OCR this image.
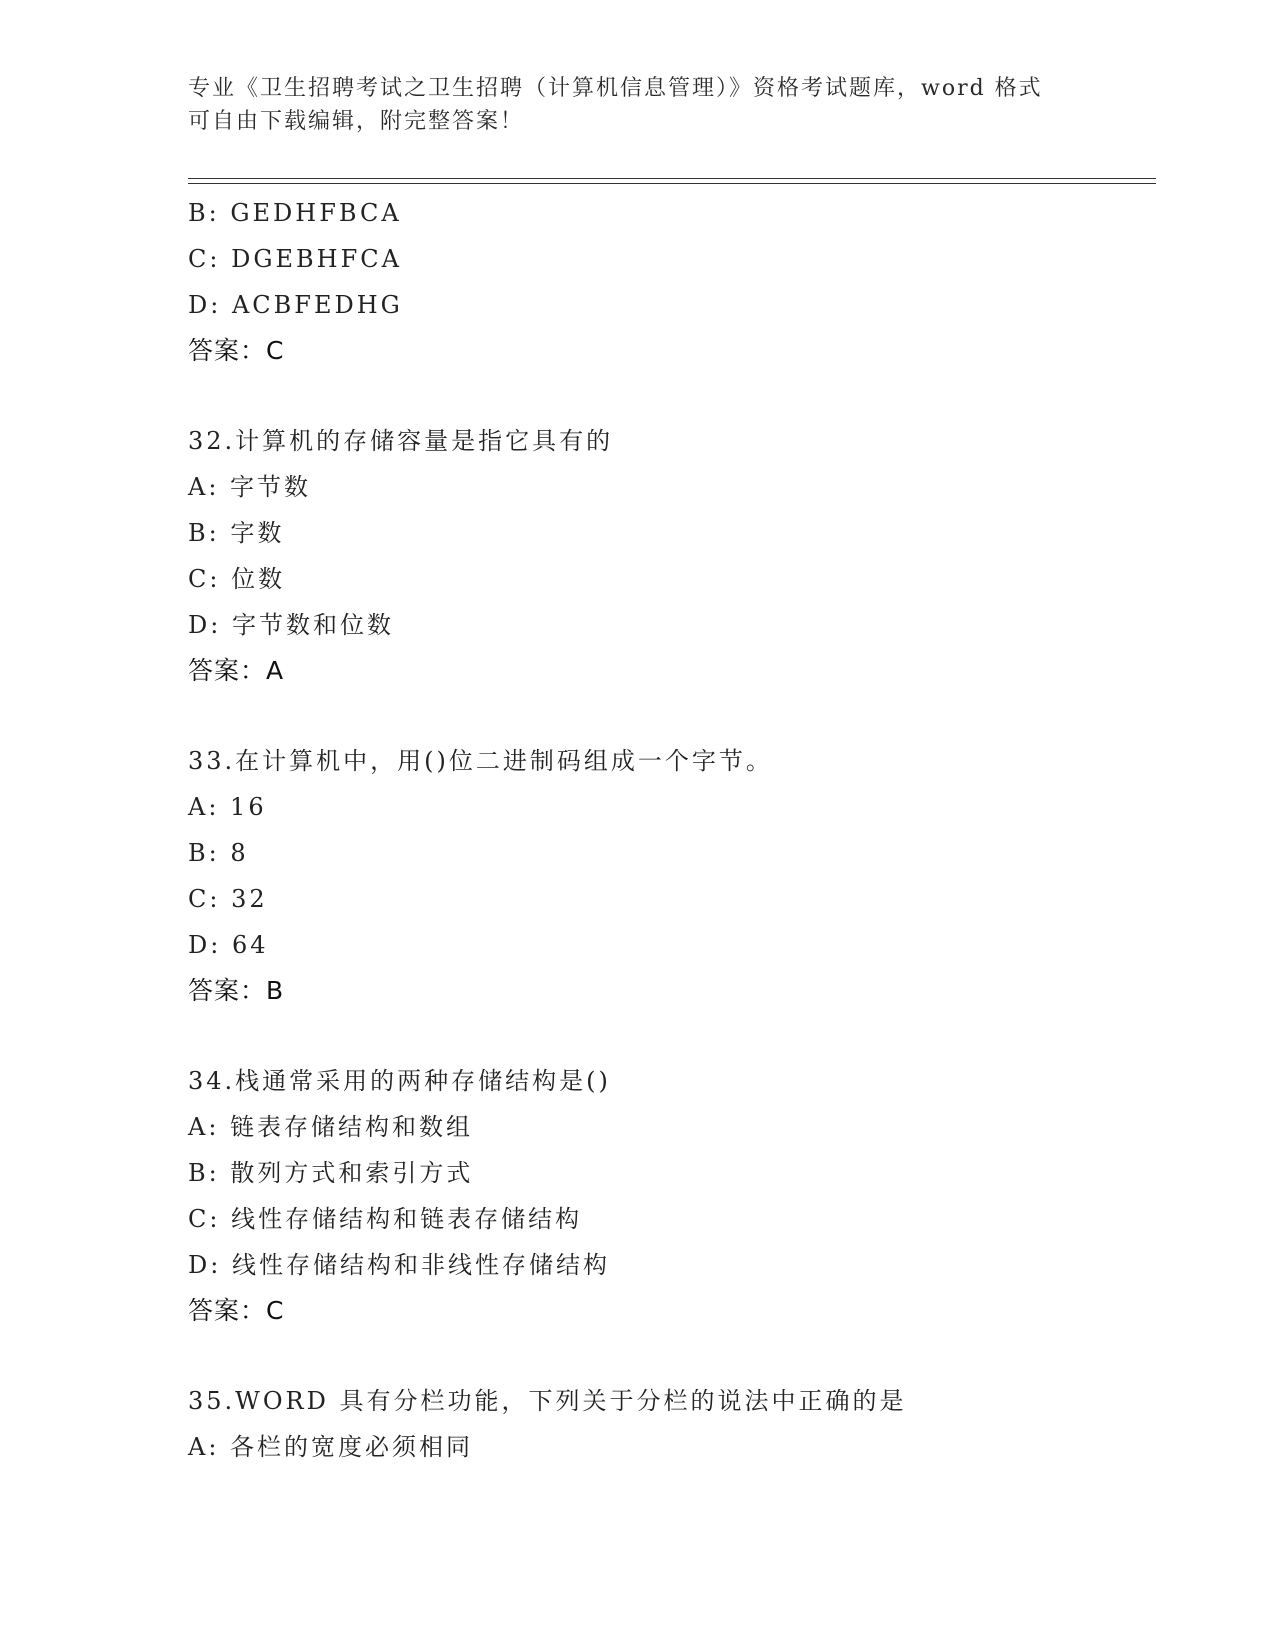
专业《卫生招聘考试之卫生招聘（计算机信息管理）》资格考试题库，word 格式
可自由下载编辑，附完整答案！
B: GEDHFBCA
C: DGEBHFCA
D: ACBFEDHG
答案：C
32.计算机的存储容量是指它具有的
A: 字节数
B: 字数
C: 位数
D: 字节数和位数
答案：A
33.在计算机中，用()位二进制码组成一个字节。
A: 16
B: 8
C: 32
D: 64
答案：B
34.栈通常采用的两种存储结构是()
A: 链表存储结构和数组
B: 散列方式和索引方式
C: 线性存储结构和链表存储结构
D: 线性存储结构和非线性存储结构
答案：C
35.WORD 具有分栏功能，下列关于分栏的说法中正确的是
A: 各栏的宽度必须相同
